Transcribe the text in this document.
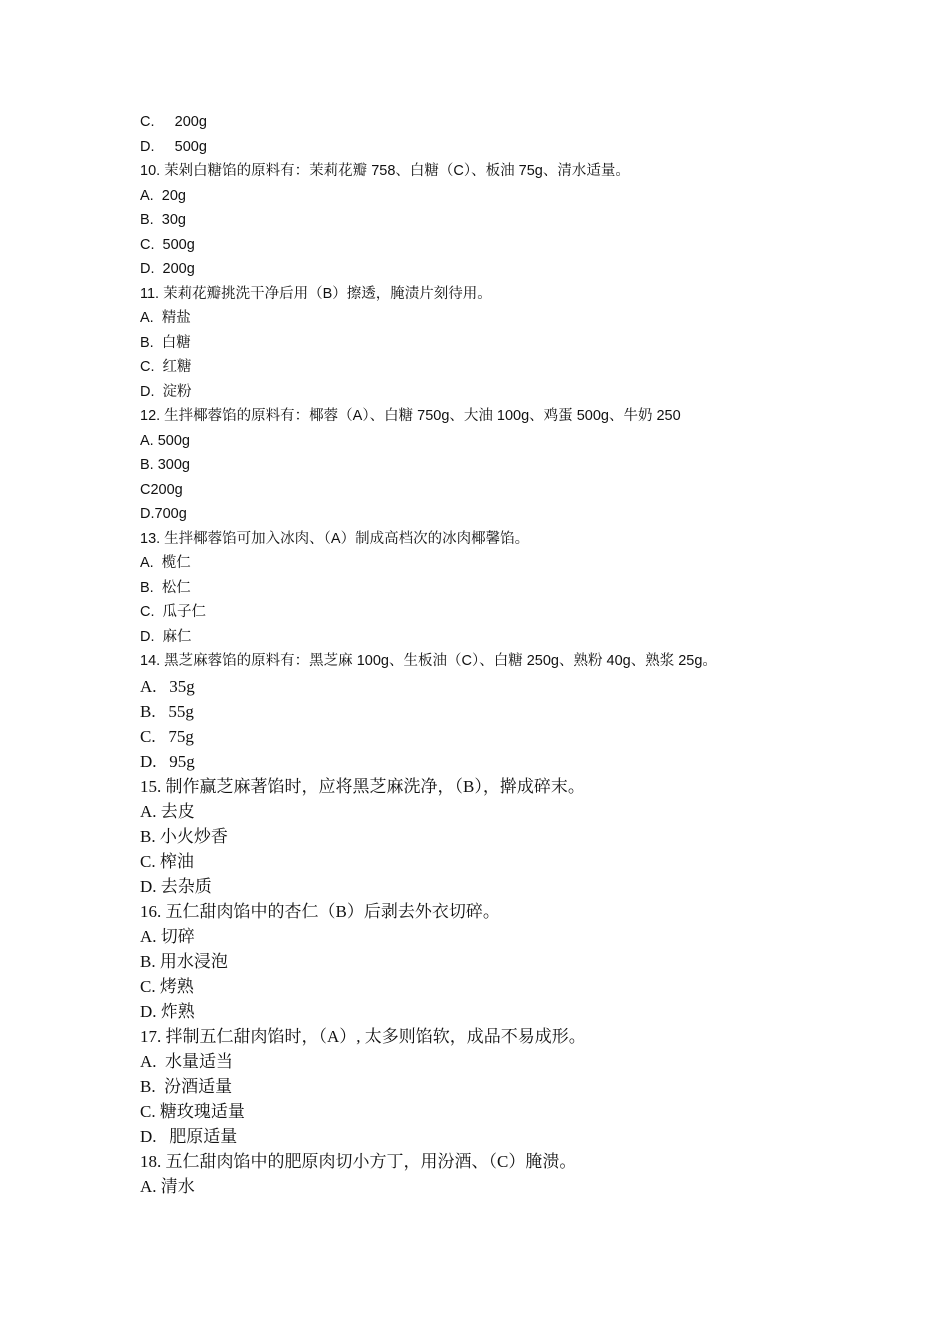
C.     200g
D.     500g
10. 茉剁白糖馅的原料有：茉莉花瓣 758、白糖（C）、板油 75g、清水适量。
A.  20g
B.  30g
C.  500g
D.  200g
11. 茉莉花瓣挑洗干净后用（B）擦透，腌渍片刻待用。
A.  精盐
B.  白糖
C.  红糖
D.  淀粉
12. 生拌椰蓉馅的原料有：椰蓉（A）、白糖 750g、大油 100g、鸡蛋 500g、牛奶 250
A. 500g
B. 300g
C200g
D.700g
13. 生拌椰蓉馅可加入冰肉、（A）制成高档次的冰肉椰馨馅。
A.  榄仁
B.  松仁
C.  瓜子仁
D.  麻仁
14. 黑芝麻蓉馅的原料有：黑芝麻 100g、生板油（C）、白糖 250g、熟粉 40g、熟浆 25g。
A.   35g
B.   55g
C.   75g
D.   95g
15. 制作赢芝麻著馅时，应将黑芝麻洗净，（B），擀成碎末。
A. 去皮
B. 小火炒香
C. 榨油
D. 去杂质
16. 五仁甜肉馅中的杏仁（B）后剥去外衣切碎。
A. 切碎
B. 用水浸泡
C. 烤熟
D. 炸熟
17. 拌制五仁甜肉馅时，（A）, 太多则馅软，成品不易成形。
A.  水量适当
B.  汾酒适量
C. 糖玫瑰适量
D.   肥原适量
18. 五仁甜肉馅中的肥原肉切小方丁，用汾酒、（C）腌溃。
A. 清水
